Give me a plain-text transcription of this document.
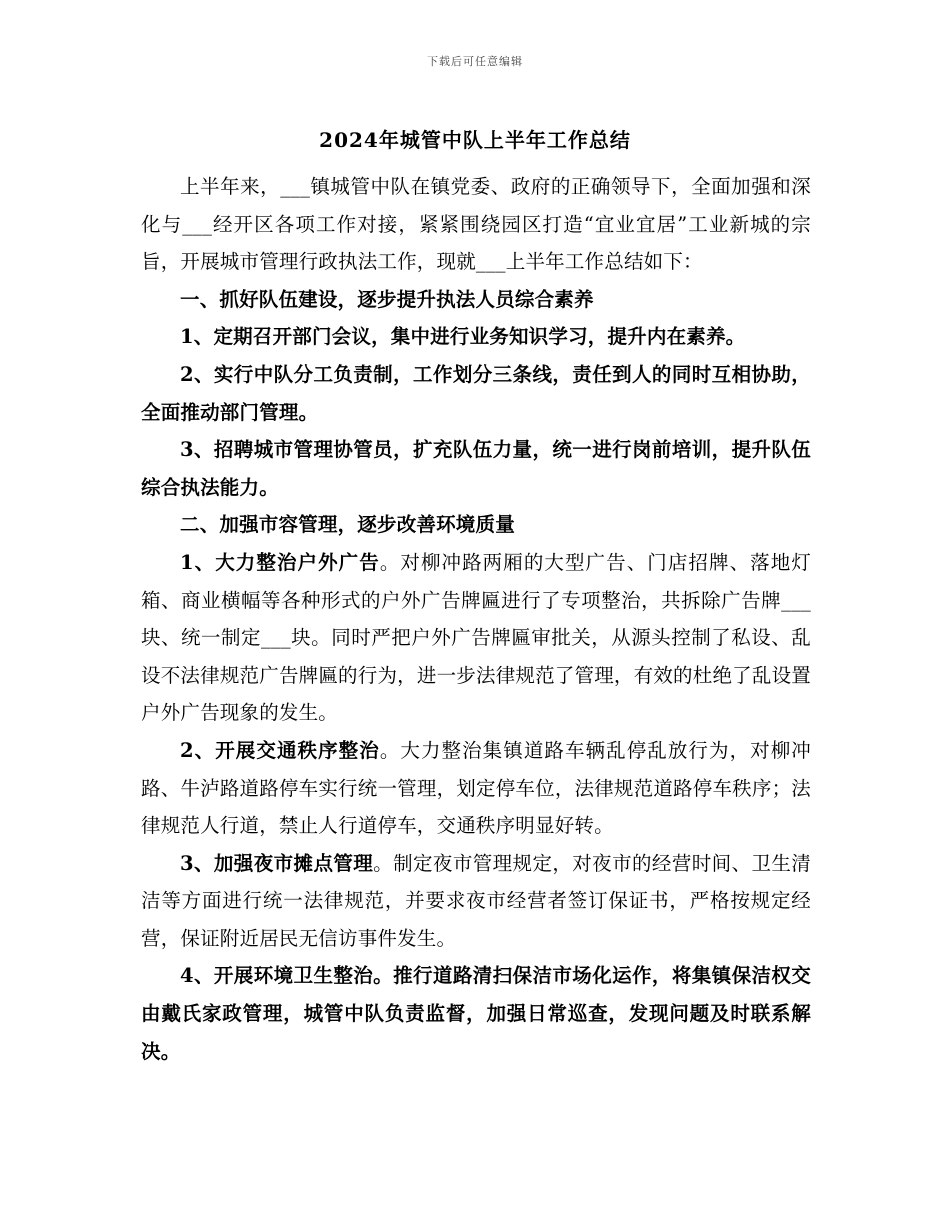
下载后可任意编辑
2024年城管中队上半年工作总结

上半年来，___镇城管中队在镇党委、政府的正确领导下，全面加强和深化与___经开区各项工作对接，紧紧围绕园区打造“宜业宜居”工业新城的宗旨，开展城市管理行政执法工作，现就___上半年工作总结如下：

一、抓好队伍建设，逐步提升执法人员综合素养

1、定期召开部门会议，集中进行业务知识学习，提升内在素养。

2、实行中队分工负责制，工作划分三条线，责任到人的同时互相协助，全面推动部门管理。

3、招聘城市管理协管员，扩充队伍力量，统一进行岗前培训，提升队伍综合执法能力。

二、加强市容管理，逐步改善环境质量

1、大力整治户外广告。对柳冲路两厢的大型广告、门店招牌、落地灯箱、商业横幅等各种形式的户外广告牌匾进行了专项整治，共拆除广告牌___块、统一制定___块。同时严把户外广告牌匾审批关，从源头控制了私设、乱设不法律规范广告牌匾的行为，进一步法律规范了管理，有效的杜绝了乱设置户外广告现象的发生。

2、开展交通秩序整治。大力整治集镇道路车辆乱停乱放行为，对柳冲路、牛泸路道路停车实行统一管理，划定停车位，法律规范道路停车秩序；法律规范人行道，禁止人行道停车，交通秩序明显好转。

3、加强夜市摊点管理。制定夜市管理规定，对夜市的经营时间、卫生清洁等方面进行统一法律规范，并要求夜市经营者签订保证书，严格按规定经营，保证附近居民无信访事件发生。

4、开展环境卫生整治。推行道路清扫保洁市场化运作，将集镇保洁权交由戴氏家政管理，城管中队负责监督，加强日常巡查，发现问题及时联系解决。
